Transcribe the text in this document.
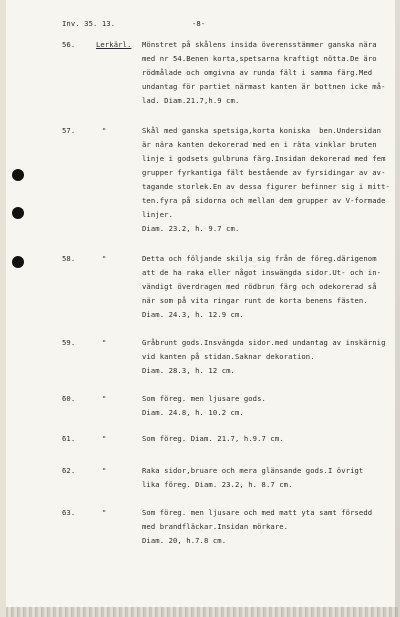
Inv. 35. 13.	-8-
56.	Lerkärl. Mönstret på skålens insida överensstämmer ganska nära
med nr 54.Benen korta,spetsarna kraftigt nötta.De äro
rödmålade och omgivna av runda fält i samma färg.Med
undantag för partiet närmast kanten är bottnen icke må-
lad. Diam.21.7,h.9 cm.
57.	"	Skål med ganska spetsiga,korta koniska  ben.Undersidan
är nära kanten dekorerad med en i räta vinklar bruten
linje i godsets gulbruna färg.Insidan dekorerad med fem
grupper fyrkantiga fält bestående av fyrsidingar av av-
tagande storlek.En av dessa figurer befinner sig i mitt-
ten.fyra på sidorna och mellan dem grupper av V-formade
linjer.
Diam. 23.2, h. 9.7 cm.
58.	"	Detta och följande skilja sig från de föreg.därigenom
att de ha raka eller något inswängda sidor.Ut- och in-
vändigt överdragen med rödbrun färg och odekorerad så
när som på vita ringar runt de korta benens fästen.
Diam. 24.3, h. 12.9 cm.
59.	"	Gråbrunt gods.Insvängda sidor.med undantag av inskärnig
vid kanten på stidan.Saknar dekoration.
Diam. 28.3, h. 12 cm.
60.	"	Som föreg. men ljusare gods.
Diam. 24.8, h. 10.2 cm.
61.	"	Som föreg. Diam. 21.7, h.9.7 cm.
62.	"	Raka sidor,bruare och mera glänsande gods.I övrigt
lika föreg. Diam. 23.2, h. 8.7 cm.
63.	"	Som föreg. men ljusare och med matt yta samt försedd
med brandfläckar.Insidan mörkare.
Diam. 20, h.7.8 cm.
